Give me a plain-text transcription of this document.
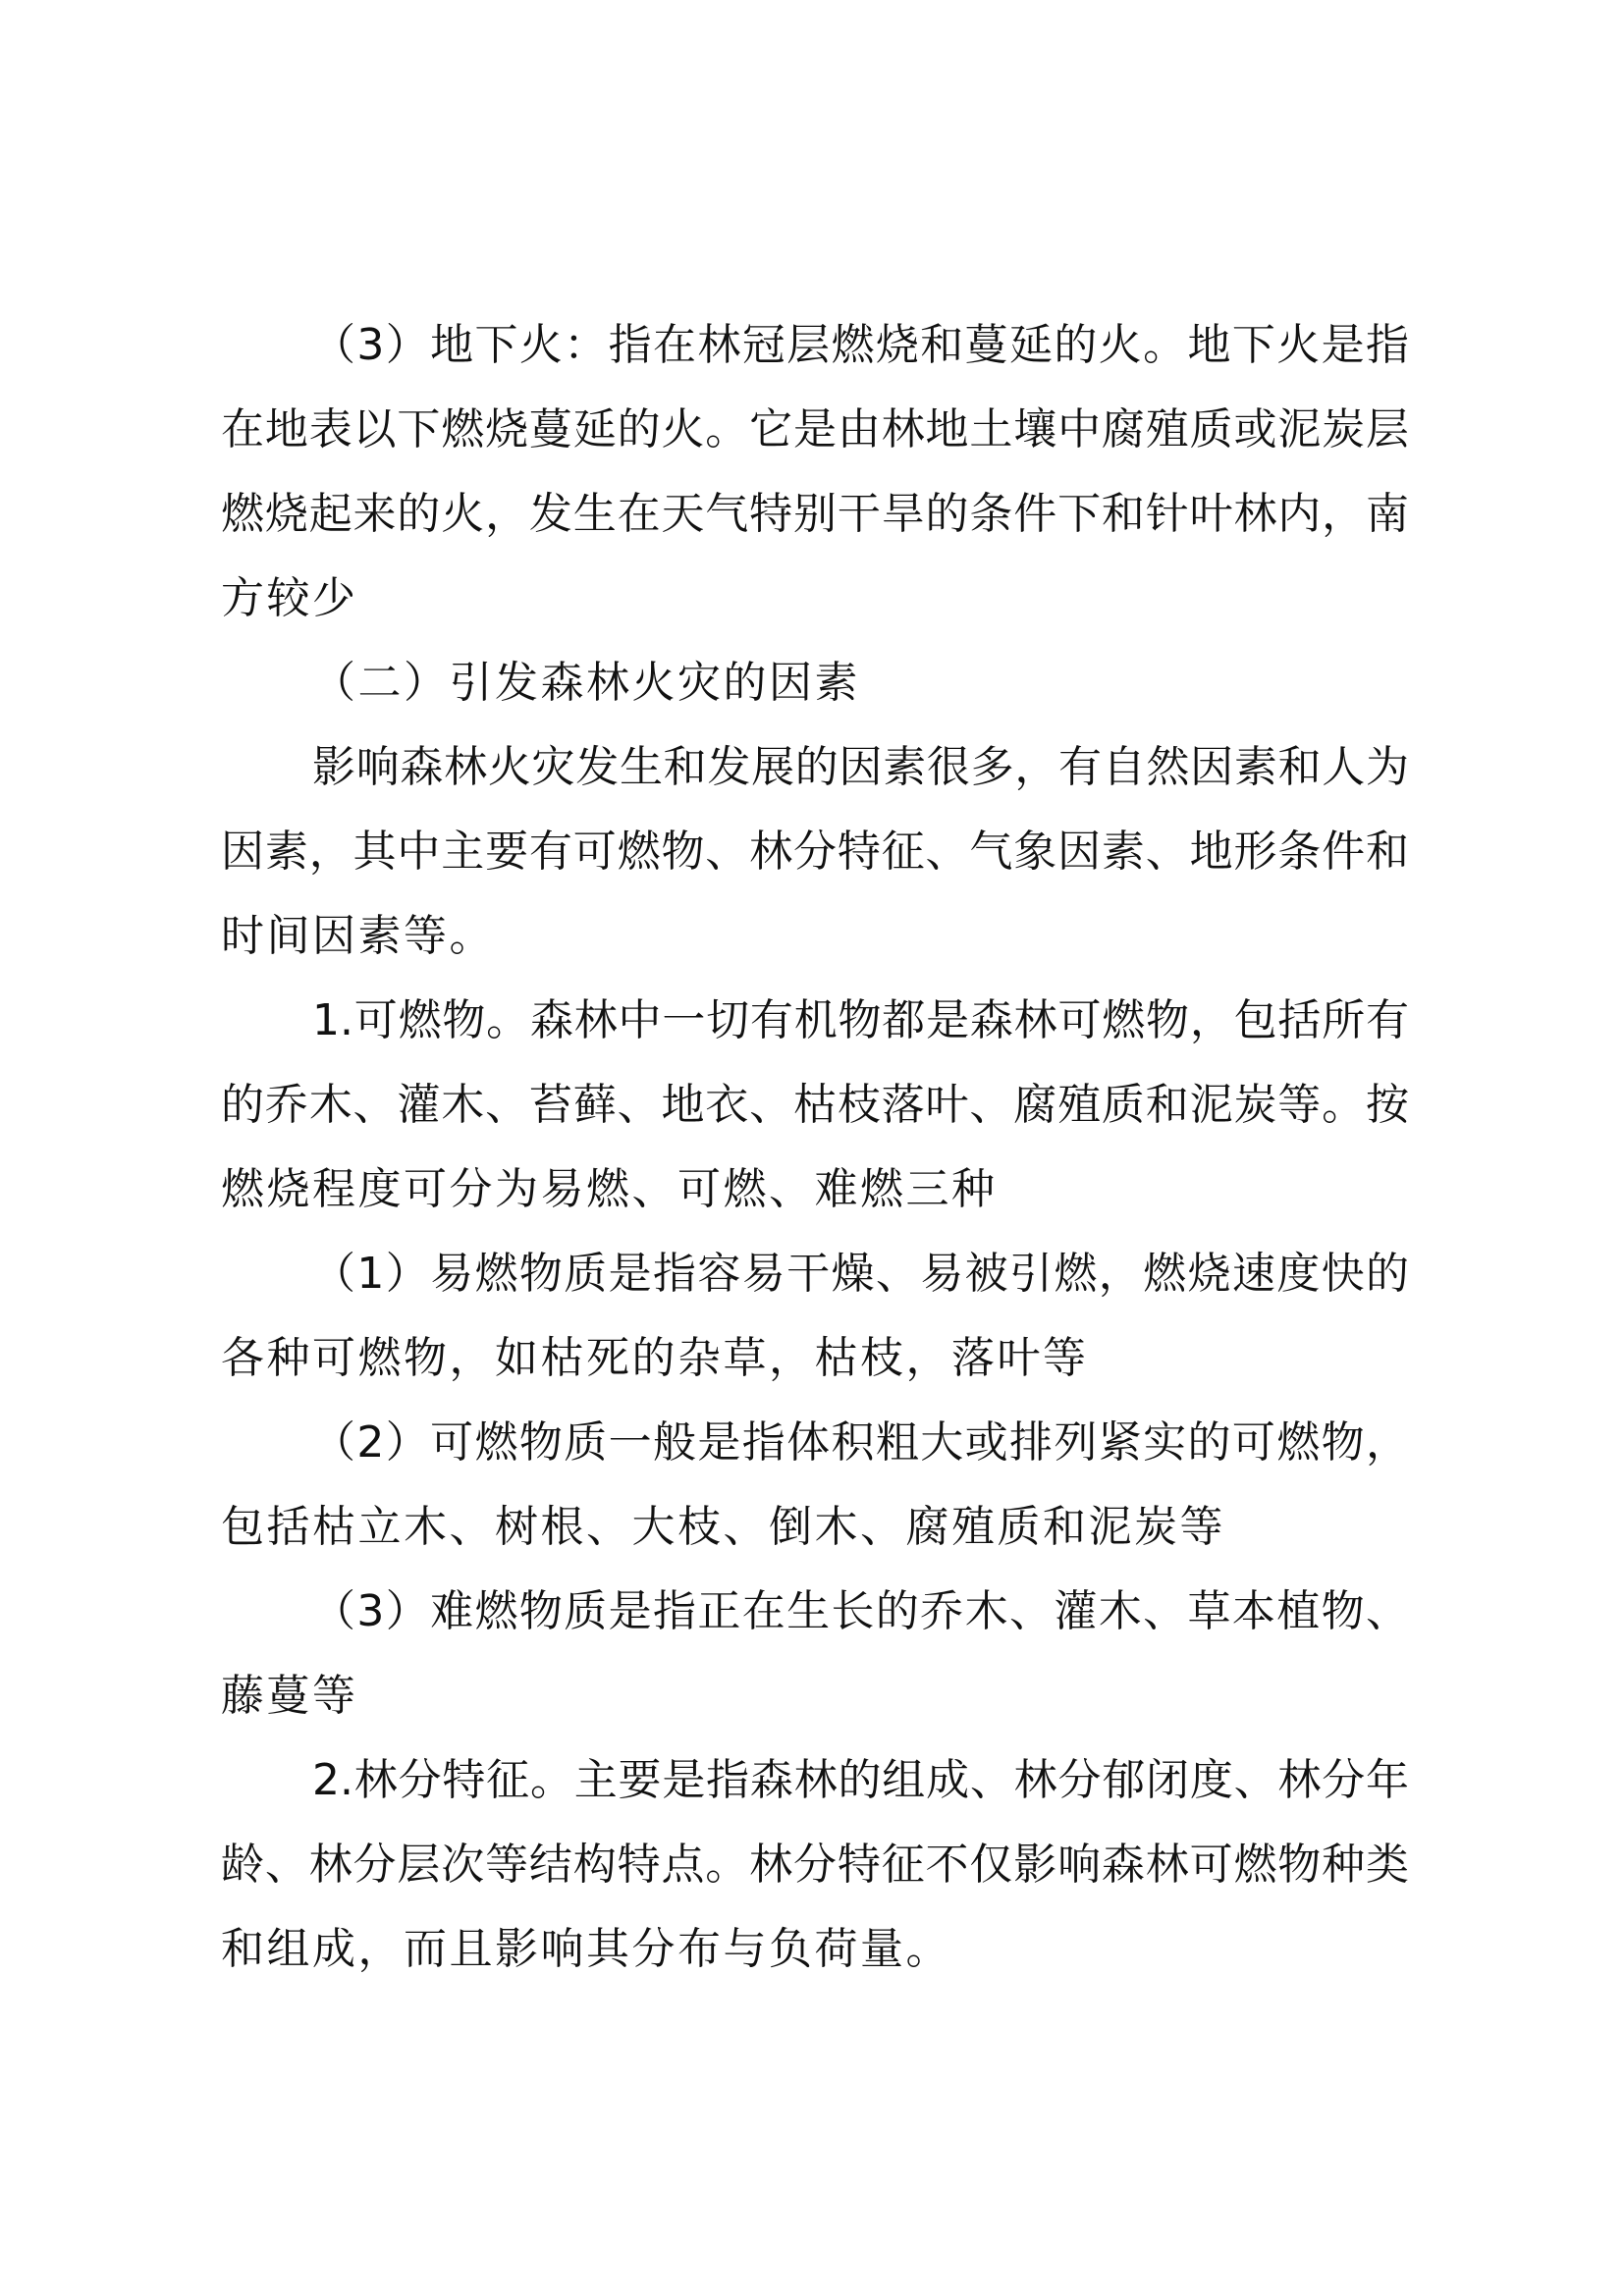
（3）地下火：指在林冠层燃烧和蔓延的火。地下火是指
在地表以下燃烧蔓延的火。它是由林地土壤中腐殖质或泥炭层
燃烧起来的火，发生在天气特别干旱的条件下和针叶林内，南
方较少
（二）引发森林火灾的因素
影响森林火灾发生和发展的因素很多，有自然因素和人为
因素，其中主要有可燃物、林分特征、气象因素、地形条件和
时间因素等。
1.可燃物。森林中一切有机物都是森林可燃物，包括所有
的乔木、灌木、苔藓、地衣、枯枝落叶、腐殖质和泥炭等。按
燃烧程度可分为易燃、可燃、难燃三种
（1）易燃物质是指容易干燥、易被引燃，燃烧速度快的
各种可燃物，如枯死的杂草，枯枝，落叶等
（2）可燃物质一般是指体积粗大或排列紧实的可燃物，
包括枯立木、树根、大枝、倒木、腐殖质和泥炭等
（3）难燃物质是指正在生长的乔木、灌木、草本植物、
藤蔓等
2.林分特征。主要是指森林的组成、林分郁闭度、林分年
龄、林分层次等结构特点。林分特征不仅影响森林可燃物种类
和组成，而且影响其分布与负荷量。
